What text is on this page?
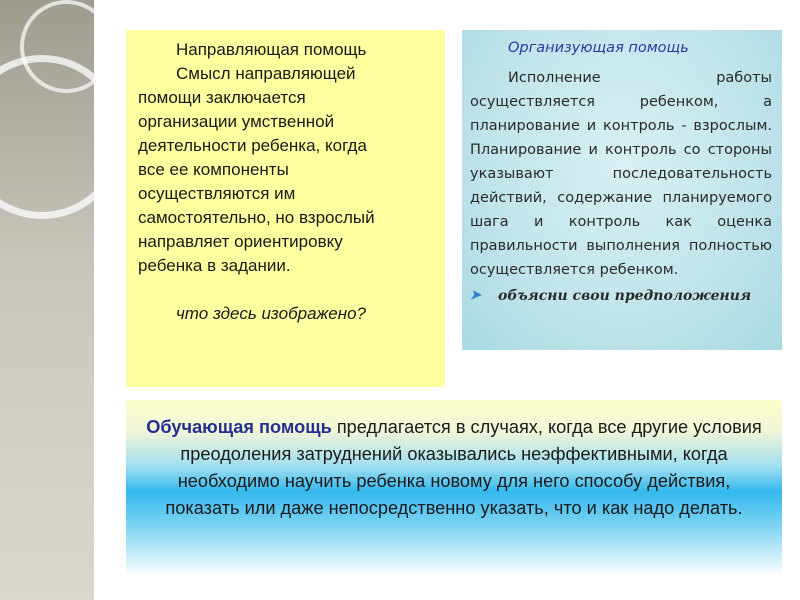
Направляющая помощь
Смысл направляющей
помощи заключается
организации умственной
деятельности ребенка, когда
все ее компоненты
осуществляются им
самостоятельно, но взрослый
направляет ориентировку
ребенка в задании.
что здесь изображено?
Организующая помощь
Исполнение работы осуществляется ребенком, а планирование и контроль - взрослым. Планирование и контроль со стороны указывают последовательность действий, содержание планируемого шага и контроль как оценка правильности выполнения полностью осуществляется ребенком.
➤	объясни свои предположения
Обучающая помощь предлагается в случаях, когда все другие условия преодоления затруднений оказывались неэффективными, когда необходимо научить ребенка новому для него способу действия, показать или даже непосредственно указать, что и как надо делать.
